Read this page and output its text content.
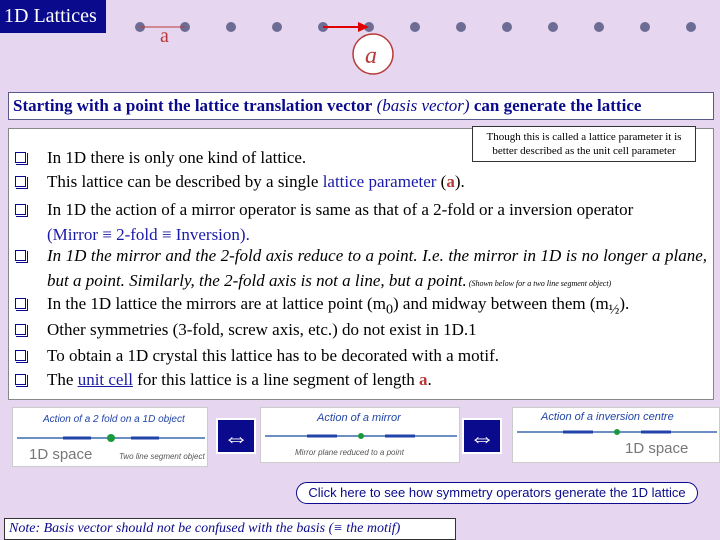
1D Lattices
a
a
Starting with a point the lattice translation vector (basis vector) can generate the lattice
In 1D there is only one kind of lattice.
This lattice can be described by a single lattice parameter (a).
In 1D the action of a mirror operator is same as that of a 2-fold or a inversion operator
(Mirror ≡ 2-fold ≡ Inversion).
In 1D the mirror and the 2-fold axis reduce to a point. I.e. the mirror in 1D is no longer a plane, but a point. Similarly, the 2-fold axis is not a line, but a point. (Shown below for a two line segment object)
In the 1D lattice the mirrors are at lattice point $(m_0)$ and midway between them $(m_{\frac{1}{2}})$.
Other symmetries (3-fold, screw axis, etc.) do not exist in 1D.1
To obtain a 1D crystal this lattice has to be decorated with a motif.
The unit cell for this lattice is a line segment of length a.
Though this is called a lattice parameter it is better described as the unit cell parameter
Action of a 2 fold on a 1D object
1D space	Two line segment object
⇔
Action of a mirror
Mirror plane reduced to a point
⇔
Action of a inversion centre
1D space
Click here to see how symmetry operators generate the 1D lattice
Note: Basis vector should not be confused with the basis (≡ the motif)
